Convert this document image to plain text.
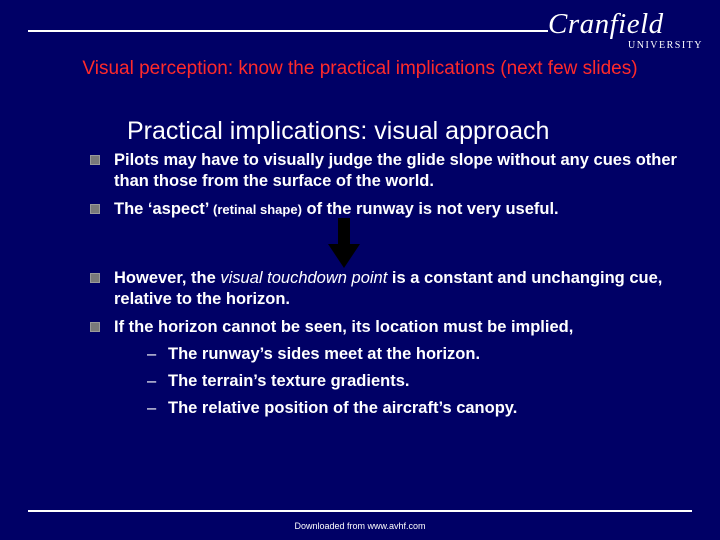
Cranfield
UNIVERSITY
Visual perception: know the practical implications (next few slides)
Practical implications: visual approach
Pilots may have to visually judge the glide slope without any cues other than those from the surface of the world.
The ‘aspect’ (retinal shape) of the runway is not very useful.
However, the visual touchdown point is a constant and unchanging cue, relative to the horizon.
If the horizon cannot be seen, its location must be implied,
– The runway’s sides meet at the horizon.
– The terrain’s texture gradients.
– The relative position of the aircraft’s canopy.
Downloaded from www.avhf.com
